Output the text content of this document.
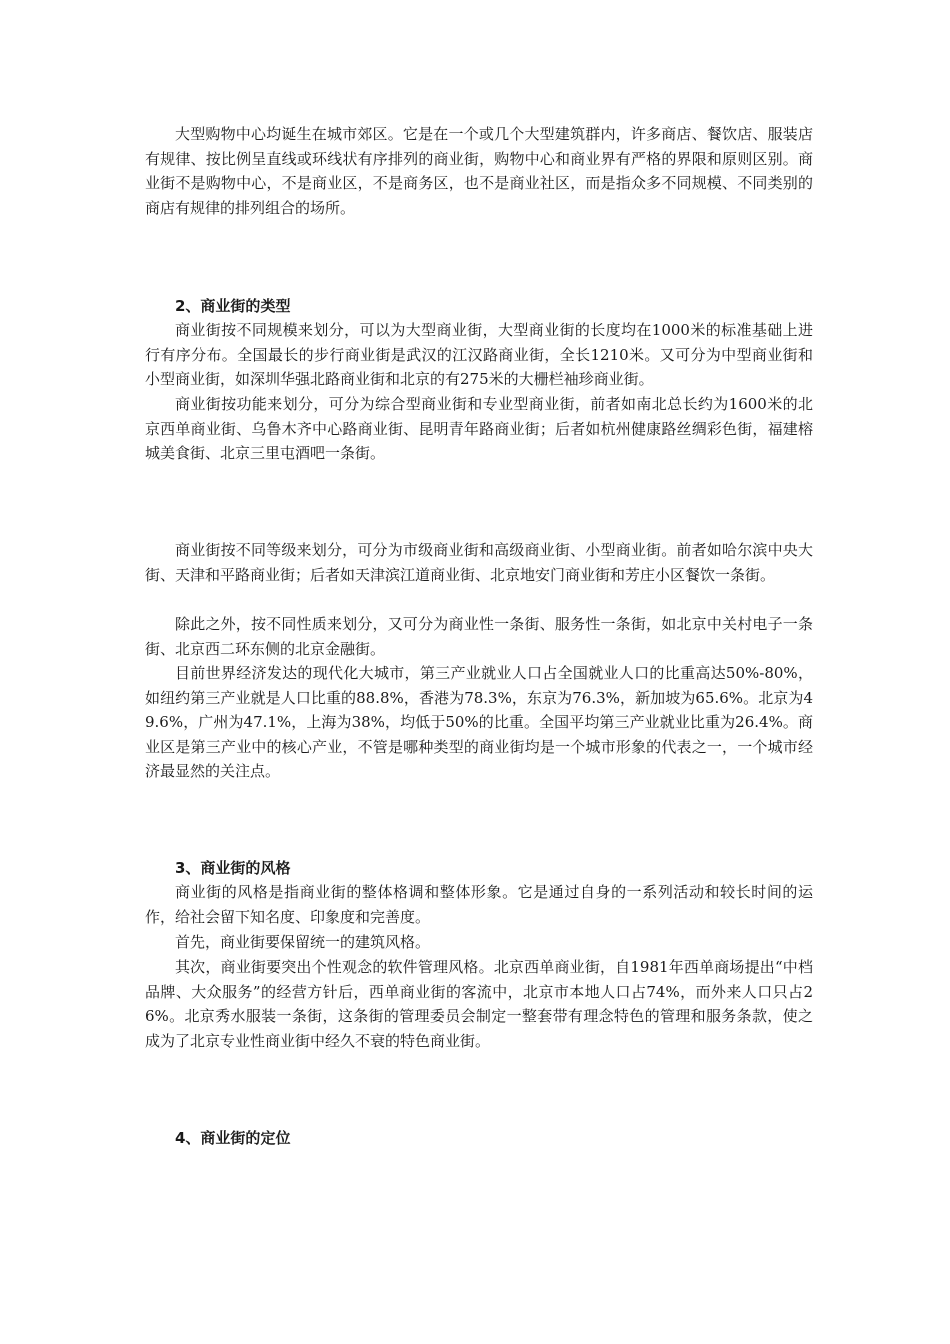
大型购物中心均诞生在城市郊区。它是在一个或几个大型建筑群内，许多商店、餐饮店、服装店有规律、按比例呈直线或环线状有序排列的商业街，购物中心和商业界有严格的界限和原则区别。商业街不是购物中心，不是商业区，不是商务区，也不是商业社区，而是指众多不同规模、不同类别的商店有规律的排列组合的场所。

2、商业街的类型

商业街按不同规模来划分，可以为大型商业街，大型商业街的长度均在1000米的标准基础上进行有序分布。全国最长的步行商业街是武汉的江汉路商业街，全长1210米。又可分为中型商业街和小型商业街，如深圳华强北路商业街和北京的有275米的大栅栏袖珍商业街。

商业街按功能来划分，可分为综合型商业街和专业型商业街，前者如南北总长约为1600米的北京西单商业街、乌鲁木齐中心路商业街、昆明青年路商业街；后者如杭州健康路丝绸彩色街，福建榕城美食街、北京三里屯酒吧一条街。

商业街按不同等级来划分，可分为市级商业街和高级商业街、小型商业街。前者如哈尔滨中央大街、天津和平路商业街；后者如天津滨江道商业街、北京地安门商业街和芳庄小区餐饮一条街。

除此之外，按不同性质来划分，又可分为商业性一条街、服务性一条街，如北京中关村电子一条街、北京西二环东侧的北京金融街。

目前世界经济发达的现代化大城市，第三产业就业人口占全国就业人口的比重高达50%-80%，如纽约第三产业就是人口比重的88.8%，香港为78.3%，东京为76.3%，新加坡为65.6%。北京为49.6%，广州为47.1%，上海为38%，均低于50%的比重。全国平均第三产业就业比重为26.4%。商业区是第三产业中的核心产业，不管是哪种类型的商业街均是一个城市形象的代表之一，一个城市经济最显然的关注点。

3、商业街的风格

商业街的风格是指商业街的整体格调和整体形象。它是通过自身的一系列活动和较长时间的运作，给社会留下知名度、印象度和完善度。

首先，商业街要保留统一的建筑风格。

其次，商业街要突出个性观念的软件管理风格。北京西单商业街，自1981年西单商场提出“中档品牌、大众服务”的经营方针后，西单商业街的客流中，北京市本地人口占74%，而外来人口只占26%。北京秀水服装一条街，这条街的管理委员会制定一整套带有理念特色的管理和服务条款，使之成为了北京专业性商业街中经久不衰的特色商业街。

4、商业街的定位
